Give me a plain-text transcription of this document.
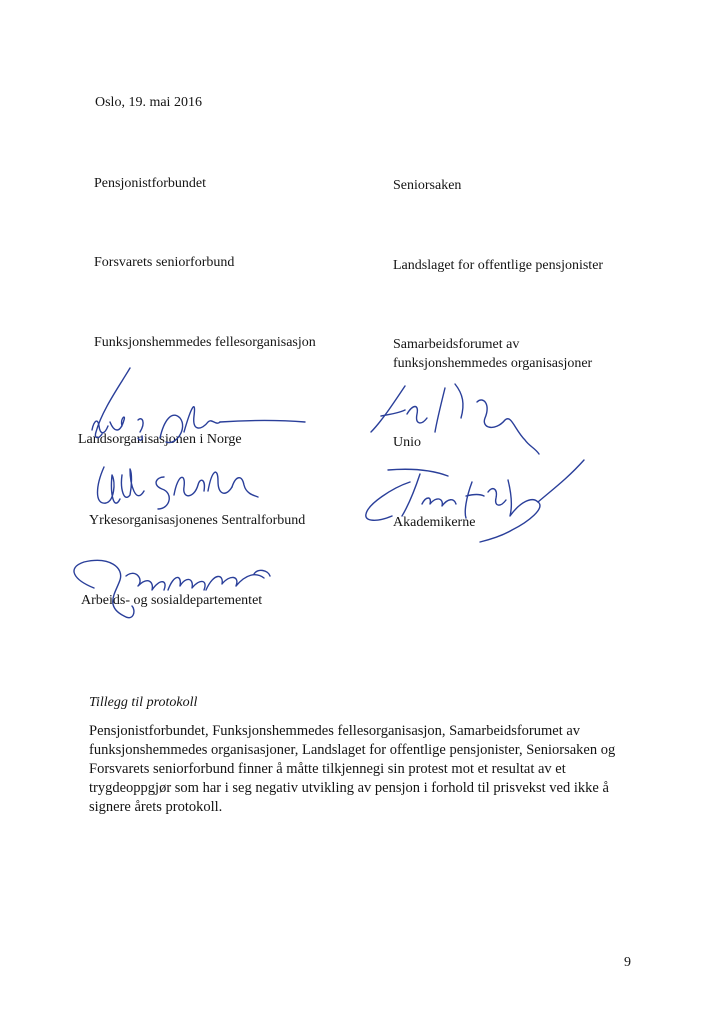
Oslo, 19. mai 2016
Pensjonistforbundet
Forsvarets seniorforbund
Funksjonshemmedes fellesorganisasjon
Landsorganisasjonen i Norge
Yrkesorganisasjonenes Sentralforbund
Arbeids- og sosialdepartementet
Seniorsaken
Landslaget for offentlige pensjonister
Samarbeidsforumet av
funksjonshemmedes organisasjoner
Unio
Akademikerne
Tillegg til protokoll
Pensjonistforbundet, Funksjonshemmedes fellesorganisasjon, Samarbeidsforumet av funksjonshemmedes organisasjoner, Landslaget for offentlige pensjonister, Seniorsaken og Forsvarets seniorforbund finner å måtte tilkjennegi sin protest mot et resultat av et trygdeoppgjør som har i seg negativ utvikling av pensjon i forhold til prisvekst ved ikke å signere årets protokoll.
9
